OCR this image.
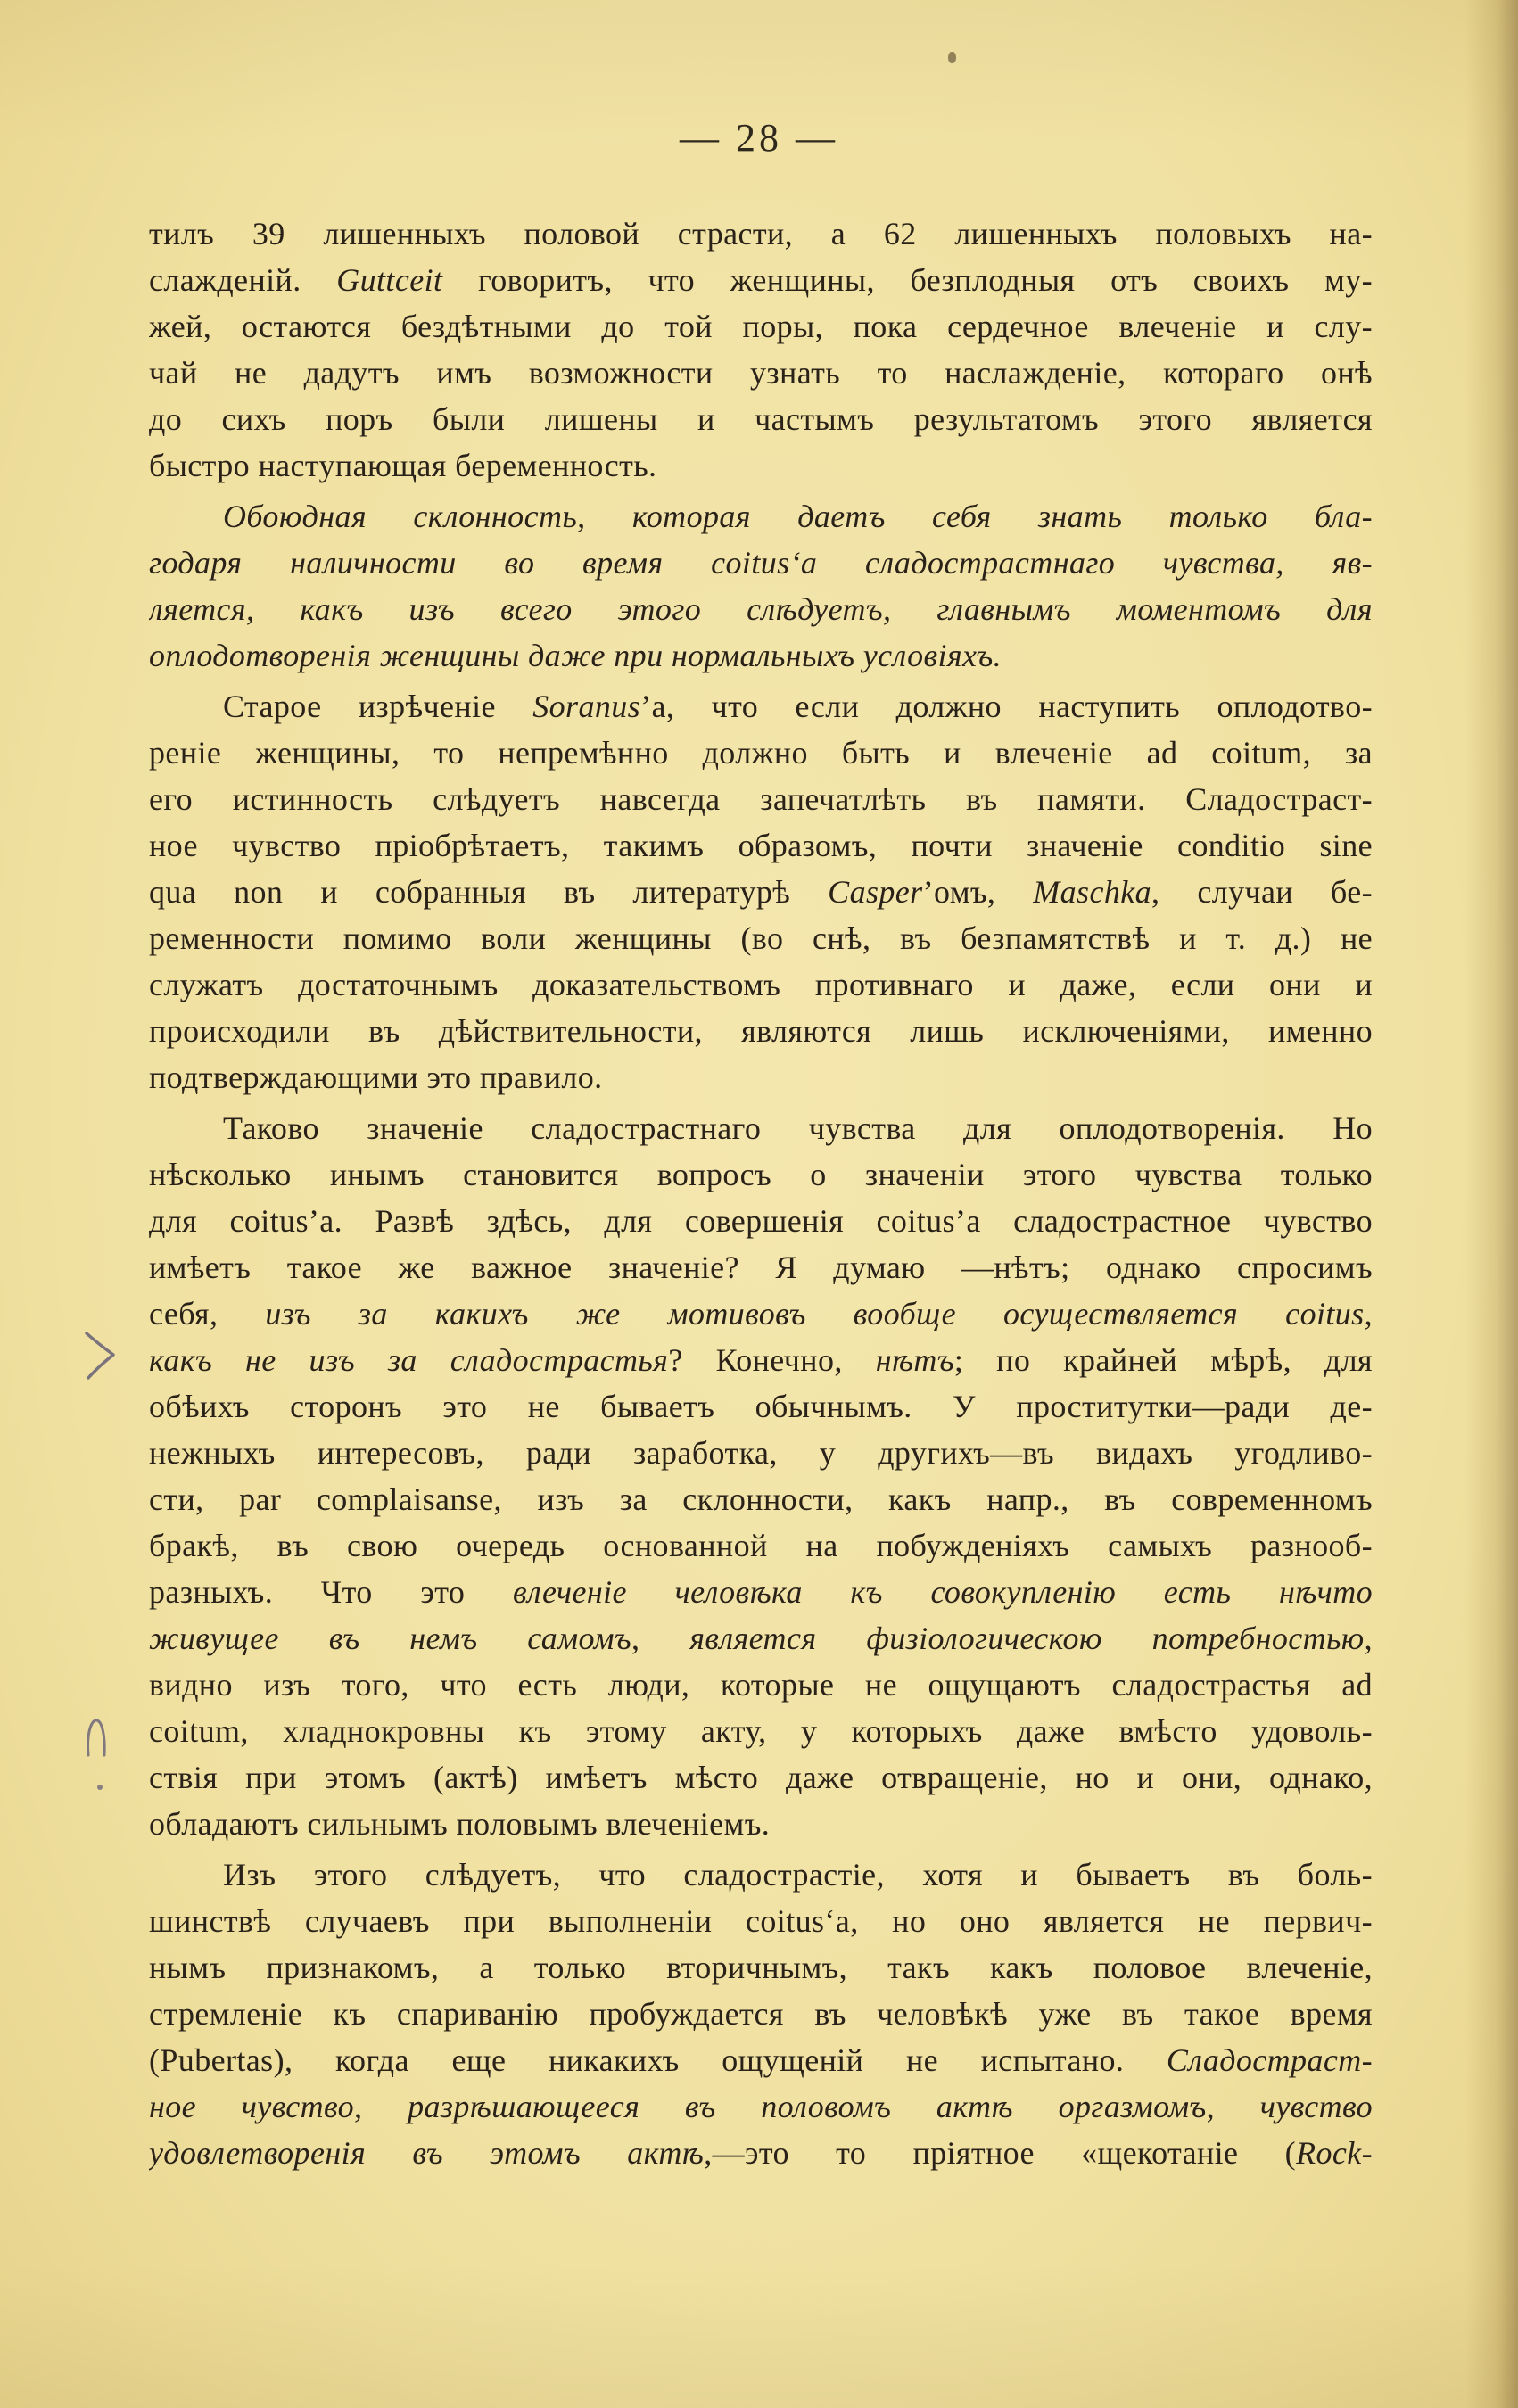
— 28 —
тилъ 39 лишенныхъ половой страсти, а 62 лишенныхъ половыхъ на-
слажденій. Guttceit говоритъ, что женщины, безплодныя отъ своихъ му-
жей, остаются бездѣтными до той поры, пока сердечное влеченіе и слу-
чай не дадутъ имъ возможности узнать то наслажденіе, котораго онѣ
до сихъ поръ были лишены и частымъ результатомъ этого является
быстро наступающая беременность.
Обоюдная склонность, которая даетъ себя знать только бла-
годаря наличности во время coitus‘а сладострастнаго чувства, яв-
ляется, какъ изъ всего этого слѣдуетъ, главнымъ моментомъ для
оплодотворенія женщины даже при нормальныхъ условіяхъ.
Старое изрѣченіе Soranus’а, что если должно наступить оплодотво-
реніе женщины, то непремѣнно должно быть и влеченіе ad coitum, за
его истинность слѣдуетъ навсегда запечатлѣть въ памяти. Сладостраст-
ное чувство пріобрѣтаетъ, такимъ образомъ, почти значеніе conditio sine
qua non и собранныя въ литературѣ Casper’омъ, Maschka, случаи бе-
ременности помимо воли женщины (во снѣ, въ безпамятствѣ и т. д.) не
служатъ достаточнымъ доказательствомъ противнаго и даже, если они и
происходили въ дѣйствительности, являются лишь исключеніями, именно
подтверждающими это правило.
Таково значеніе сладострастнаго чувства для оплодотворенія. Но
нѣсколько инымъ становится вопросъ о значеніи этого чувства только
для coitus’а. Развѣ здѣсь, для совершенія coitus’а сладострастное чувство
имѣетъ такое же важное значеніе? Я думаю —нѣтъ; однако спросимъ
себя, изъ за какихъ же мотивовъ вообще осуществляется coitus,
какъ не изъ за сладострастья? Конечно, нѣтъ; по крайней мѣрѣ, для
обѣихъ сторонъ это не бываетъ обычнымъ. У проститутки—ради де-
нежныхъ интересовъ, ради заработка, у другихъ—въ видахъ угодливо-
сти, par complaisanse, изъ за склонности, какъ напр., въ современномъ
бракѣ, въ свою очередь основанной на побужденіяхъ самыхъ разнооб-
разныхъ. Что это влеченіе человѣка къ совокупленію есть нѣчто
живущее въ немъ самомъ, является физіологическою потребностью,
видно изъ того, что есть люди, которые не ощущаютъ сладострастья ad
coitum, хладнокровны къ этому акту, у которыхъ даже вмѣсто удоволь-
ствія при этомъ (актѣ) имѣетъ мѣсто даже отвращеніе, но и они, однако,
обладаютъ сильнымъ половымъ влеченіемъ.
Изъ этого слѣдуетъ, что сладострастіе, хотя и бываетъ въ боль-
шинствѣ случаевъ при выполненіи coitus‘а, но оно является не первич-
нымъ признакомъ, а только вторичнымъ, такъ какъ половое влеченіе,
стремленіе къ спариванію пробуждается въ человѣкѣ уже въ такое время
(Pubertas), когда еще никакихъ ощущеній не испытано. Сладостраст-
ное чувство, разрѣшающееся въ половомъ актѣ оргазмомъ, чувство
удовлетворенія въ этомъ актѣ,—это то пріятное «щекотаніе (Rock-
